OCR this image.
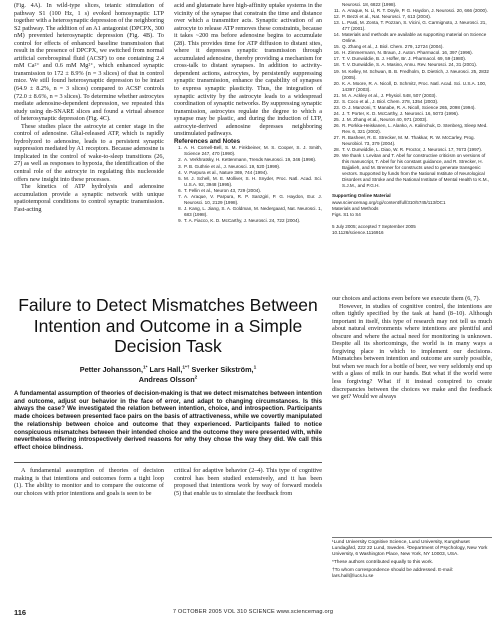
(Fig. 4A). In wild-type slices, tetanic stimulation of pathway S1 (100 Hz, 1 s) evoked homosynaptic LTP together with a heterosynaptic depression of the neighboring S2 pathway. The addition of an A1 antagonist (DPCPX, 300 nM) prevented heterosynaptic depression (Fig. 4B). To control for effects of enhanced baseline transmission that result in the presence of DPCPX, we switched from normal artificial cerebrospinal fluid (ACSF) to one containing 2.4 mM Ca²⁺ and 0.6 mM Mg²⁺, which enhanced synaptic transmission to 172 ± 8.9% (n = 3 slices) of that in control mice. We still found heterosynaptic depression to be intact (64.9 ± 8.2%, n = 3 slices) compared to ACSF controls (72.0 ± 8.6%, n = 3 slices). To determine whether astrocytes mediate adenosine-dependent depression, we repeated this study using dn-SNARE slices and found a virtual absence of heterosynaptic depression (Fig. 4C).

These studies place the astrocyte at center stage in the control of adenosine. Glial-released ATP, which is rapidly hydrolyzed to adenosine, leads to a persistent synaptic suppression mediated by A1 receptors. Because adenosine is implicated in the control of wake-to-sleep transitions (26, 27) as well as responses to hypoxia, the identification of the central role of the astrocyte in regulating this nucleoside offers new insight into these processes.

The kinetics of ATP hydrolysis and adenosine accumulation provide a synaptic network with unique spatiotemporal conditions to control synaptic transmission. Fast-acting

acid and glutamate have high-affinity uptake systems in the vicinity of the synapse that constrain the time and distance over which a transmitter acts. Synaptic activation of an astrocyte to release ATP removes these constraints, because it takes ~200 ms before adenosine begins to accumulate (28). This provides time for ATP diffusion to distant sites, where it depresses synaptic transmission through accumulated adenosine, thereby providing a mechanism for cross-talk to distant synapses. In addition to activity-dependent actions, astrocytes, by persistently suppressing synaptic transmission, enhance the capability of synapses to express synaptic plasticity. Thus, the integration of synaptic activity by the astrocyte leads to a widespread coordination of synaptic networks. By suppressing synaptic transmission, astrocytes regulate the degree to which a synapse may be plastic, and during the induction of LTP, astrocyte-derived adenosine depresses neighboring unstimulated pathways.

References and Notes

1. A. H. Cornell-Bell, S. M. Finkbeiner, M. S. Cooper, S. J. Smith, Science 247, 470 (1990).
2. A. Verkhratsky, H. Kettenmann, Trends Neurosci. 19, 346 (1996).
3. P. B. Guthrie et al., J. Neurosci. 19, 520 (1999).
4. V. Parpura et al., Nature 369, 744 (1994).
5. M. J. Schell, M. E. Molliver, S. H. Snyder, Proc. Natl. Acad. Sci. U.S.A. 92, 3948 (1995).
6. T. Fellin et al., Neuron 43, 729 (2004).
7. A. Araque, V. Parpura, R. P. Sanzgiri, P. G. Haydon, Eur. J. Neurosci. 10, 2129 (1998).
8. J. Kang, L. Jiang, S. A. Goldman, M. Nedergaard, Nat. Neurosci. 1, 683 (1998).
9. T. A. Fiacco, K. D. McCarthy, J. Neurosci. 24, 722 (2004).
Neurosci. 18, 6822 (1998).
11. A. Araque, N. Li, R. T. Doyle, P. G. Haydon, J. Neurosci. 20, 666 (2000).
12. P. Bezzi et al., Nat. Neurosci. 7, 613 (2004).
13. L. Pasti, M. Zonta, T. Pozzan, S. Vicini, G. Carmignoto, J. Neurosci. 21, 477 (2001).
14. Materials and methods are available as supporting material on Science Online.
15. Q. Zhang et al., J. Biol. Chem. 279, 12724 (2004).
16. H. Zimmermann, N. Braun, J. Auton. Pharmacol. 16, 397 (1996).
17. T. V. Dunwiddie, B. J. Hoffer, Br. J. Pharmacol. 69, 59 (1980).
18. T. V. Dunwiddie, S. A. Masino, Annu. Rev. Neurosci. 24, 31 (2001).
19. M. Kelley, M. Schwan, B. B. Fredholm, D. Dietrich, J. Neurosci. 25, 2832 (2005).
20. K. A. Moore, R. A. Nicoll, D. Schmitz, Proc. Natl. Acad. Sci. U.S.A. 100, 14397 (2003).
21. M. A. Ackley et al., J. Physiol. 548, 507 (2003).
22. S. Coco et al., J. Biol. Chem. 278, 1354 (2003).
23. O. J. Manzoni, T. Manabe, R. A. Nicoll, Science 265, 2098 (1994).
24. J. T. Porter, K. D. McCarthy, J. Neurosci. 16, 5073 (1996).
25. J. M. Zhang et al., Neuron 40, 971 (2003).
26. R. Porkka-Heiskanen, L. Alanko, A. Kalinchuk, D. Stenberg, Sleep Med. Rev. 6, 321 (2002).
27. R. Basheer, R. E. Strecker, M. M. Thakkar, R. W. McCarley, Prog. Neurobiol. 73, 379 (2004).
28. T. V. Dunwiddie, L. Diao, W. R. Proctor, J. Neurosci. 17, 7673 (1997).
29. We thank I. Levitan and T. Abel for constructive criticism on versions of this manuscript, T. Abel for his constant guidance, and R. Strecker, H. Bajjalieh, and M. Brenner for constructs used to generate transgenic vectors. Supported by funds from the National Institute of Neurological Disorders and Stroke and the National Institute of Mental Health to K.M., S.J.M., and P.G.H.
Supporting Online Material
www.sciencemag.org/cgi/content/full/310/5745/113/DC1
Materials and Methods
Figs. S1 to S4
5 July 2005; accepted 7 September 2005
10.1126/science.1116916
Failure to Detect Mismatches Between Intention and Outcome in a Simple Decision Task
Petter Johansson,$^{1*}$ Lars Hall,$^{1*\dagger}$ Sverker Sikström,$^1$
Andreas Olsson$^2$
A fundamental assumption of theories of decision-making is that we detect mismatches between intention and outcome, adjust our behavior in the face of error, and adapt to changing circumstances. Is this always the case? We investigated the relation between intention, choice, and introspection. Participants made choices between presented face pairs on the basis of attractiveness, while we covertly manipulated the relationship between choice and outcome that they experienced. Participants failed to notice conspicuous mismatches between their intended choice and the outcome they were presented with, while nevertheless offering introspectively derived reasons for why they chose the way they did. We call this effect choice blindness.

A fundamental assumption of theories of decision making is that intentions and outcomes form a tight loop (1). The ability to monitor and to compare the outcome of our choices with prior intentions and goals is seen to be

critical for adaptive behavior (2–4). This type of cognitive control has been studied extensively, and it has been proposed that intentions work by way of forward models (5) that enable us to simulate the feedback from

our choices and actions even before we execute them (6, 7).

However, in studies of cognitive control, the intentions are often tightly specified by the task at hand (8–10). Although important in itself, this type of research may not tell us much about natural environments where intentions are plentiful and obscure and where the actual need for monitoring is unknown. Despite all its shortcomings, the world is in many ways a forgiving place in which to implement our decisions. Mismatches between intention and outcome are surely possible, but when we reach for a bottle of beer, we very seldomly end up with a glass of milk in our hands. But what if the world were less forgiving? What if it instead conspired to create discrepancies between the choices we make and the feedback we get? Would we always

¹Lund University Cognitive Science, Lund University, Kungshuset Lundagård, 222 22 Lund, Sweden. ²Department of Psychology, New York University, 6 Washington Place, New York, NY 10003, USA.

*These authors contributed equally to this work.

†To whom correspondence should be addressed. E-mail: lars.hall@lucs.lu.se

116	7 OCTOBER 2005 VOL 310 SCIENCE www.sciencemag.org
